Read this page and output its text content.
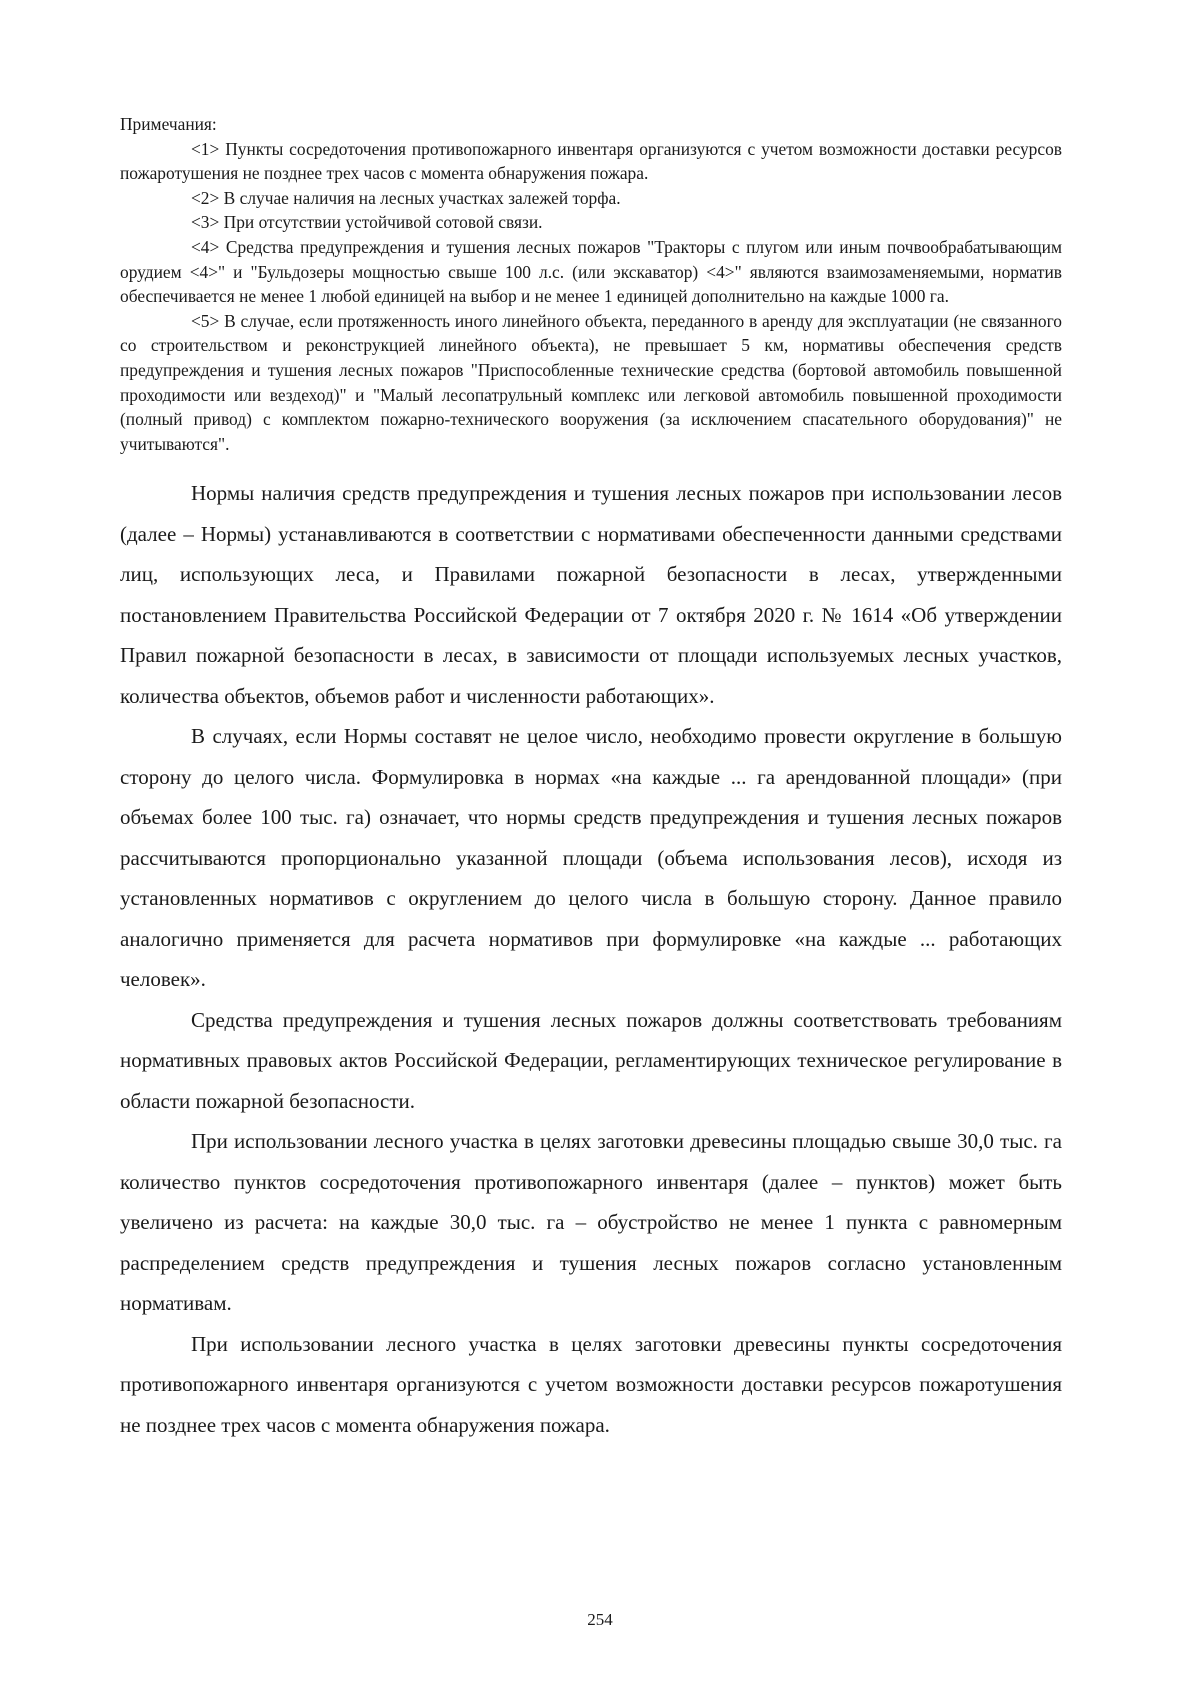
Примечания:

<1> Пункты сосредоточения противопожарного инвентаря организуются с учетом возможности доставки ресурсов пожаротушения не позднее трех часов с момента обнаружения пожара.

<2> В случае наличия на лесных участках залежей торфа.

<3> При отсутствии устойчивой сотовой связи.

<4> Средства предупреждения и тушения лесных пожаров "Тракторы с плугом или иным почвообрабатывающим орудием <4>" и "Бульдозеры мощностью свыше 100 л.с. (или экскаватор) <4>" являются взаимозаменяемыми, норматив обеспечивается не менее 1 любой единицей на выбор и не менее 1 единицей дополнительно на каждые 1000 га.

<5> В случае, если протяженность иного линейного объекта, переданного в аренду для эксплуатации (не связанного со строительством и реконструкцией линейного объекта), не превышает 5 км, нормативы обеспечения средств предупреждения и тушения лесных пожаров "Приспособленные технические средства (бортовой автомобиль повышенной проходимости или вездеход)" и "Малый лесопатрульный комплекс или легковой автомобиль повышенной проходимости (полный привод) с комплектом пожарно-технического вооружения (за исключением спасательного оборудования)" не учитываются".

Нормы наличия средств предупреждения и тушения лесных пожаров при использовании лесов (далее – Нормы) устанавливаются в соответствии с нормативами обеспеченности данными средствами лиц, использующих леса, и Правилами пожарной безопасности в лесах, утвержденными постановлением Правительства Российской Федерации от 7 октября 2020 г. № 1614 «Об утверждении Правил пожарной безопасности в лесах, в зависимости от площади используемых лесных участков, количества объектов, объемов работ и численности работающих».

В случаях, если Нормы составят не целое число, необходимо провести округление в большую сторону до целого числа. Формулировка в нормах «на каждые ... га арендованной площади» (при объемах более 100 тыс. га) означает, что нормы средств предупреждения и тушения лесных пожаров рассчитываются пропорционально указанной площади (объема использования лесов), исходя из установленных нормативов с округлением до целого числа в большую сторону. Данное правило аналогично применяется для расчета нормативов при формулировке «на каждые ... работающих человек».

Средства предупреждения и тушения лесных пожаров должны соответствовать требованиям нормативных правовых актов Российской Федерации, регламентирующих техническое регулирование в области пожарной безопасности.

При использовании лесного участка в целях заготовки древесины площадью свыше 30,0 тыс. га количество пунктов сосредоточения противопожарного инвентаря (далее – пунктов) может быть увеличено из расчета: на каждые 30,0 тыс. га – обустройство не менее 1 пункта с равномерным распределением средств предупреждения и тушения лесных пожаров согласно установленным нормативам.

При использовании лесного участка в целях заготовки древесины пункты сосредоточения противопожарного инвентаря организуются с учетом возможности доставки ресурсов пожаротушения не позднее трех часов с момента обнаружения пожара.

254
